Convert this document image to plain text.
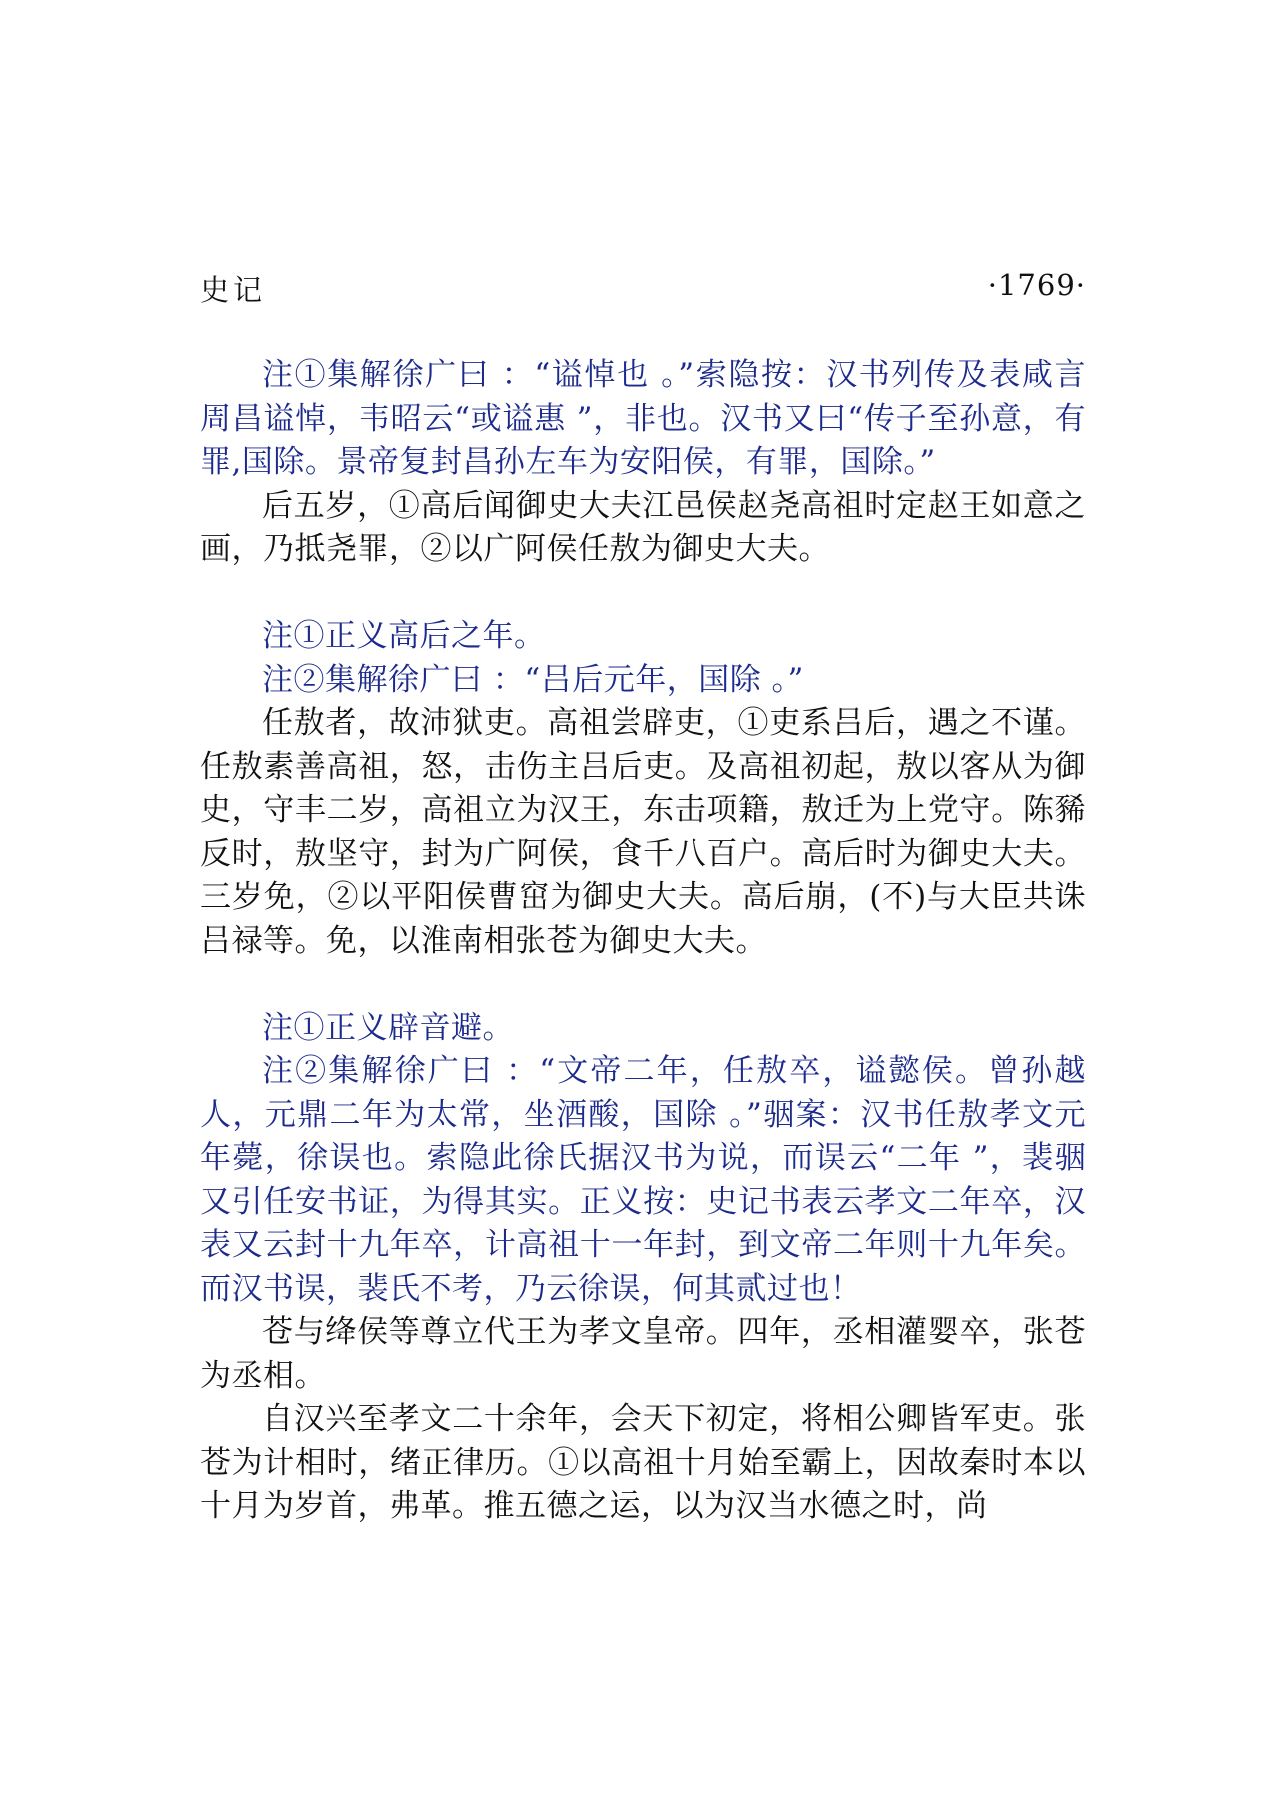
史记	·1769·

注①集解徐广曰 ：“谥悼也 。”索隐按：汉书列传及表咸言周昌谥悼，韦昭云“或谥惠 ”，非也。汉书又曰“传子至孙意，有罪,国除。景帝复封昌孙左车为安阳侯，有罪，国除。”

后五岁，①高后闻御史大夫江邑侯赵尧高祖时定赵王如意之画，乃抵尧罪，②以广阿侯任敖为御史大夫。

注①正义高后之年。

注②集解徐广曰 ：“吕后元年，国除 。”

任敖者，故沛狱吏。高祖尝辟吏，①吏系吕后，遇之不谨。任敖素善高祖，怒，击伤主吕后吏。及高祖初起，敖以客从为御史，守丰二岁，高祖立为汉王，东击项籍，敖迁为上党守。陈豨反时，敖坚守，封为广阿侯，食千八百户。高后时为御史大夫。三岁免，②以平阳侯曹窋为御史大夫。高后崩，(不)与大臣共诛吕禄等。免，以淮南相张苍为御史大夫。

注①正义辟音避。

注②集解徐广曰 ：“文帝二年，任敖卒，谥懿侯。曾孙越人，元鼎二年为太常，坐酒酸，国除 。”骃案：汉书任敖孝文元年薨，徐误也。索隐此徐氏据汉书为说，而误云“二年 ”，裴骃又引任安书证，为得其实。正义按：史记书表云孝文二年卒，汉表又云封十九年卒，计高祖十一年封，到文帝二年则十九年矣。而汉书误，裴氏不考，乃云徐误，何其贰过也！

苍与绛侯等尊立代王为孝文皇帝。四年，丞相灌婴卒，张苍为丞相。

自汉兴至孝文二十余年，会天下初定，将相公卿皆军吏。张苍为计相时，绪正律历。①以高祖十月始至霸上，因故秦时本以十月为岁首，弗革。推五德之运，以为汉当水德之时，尚
